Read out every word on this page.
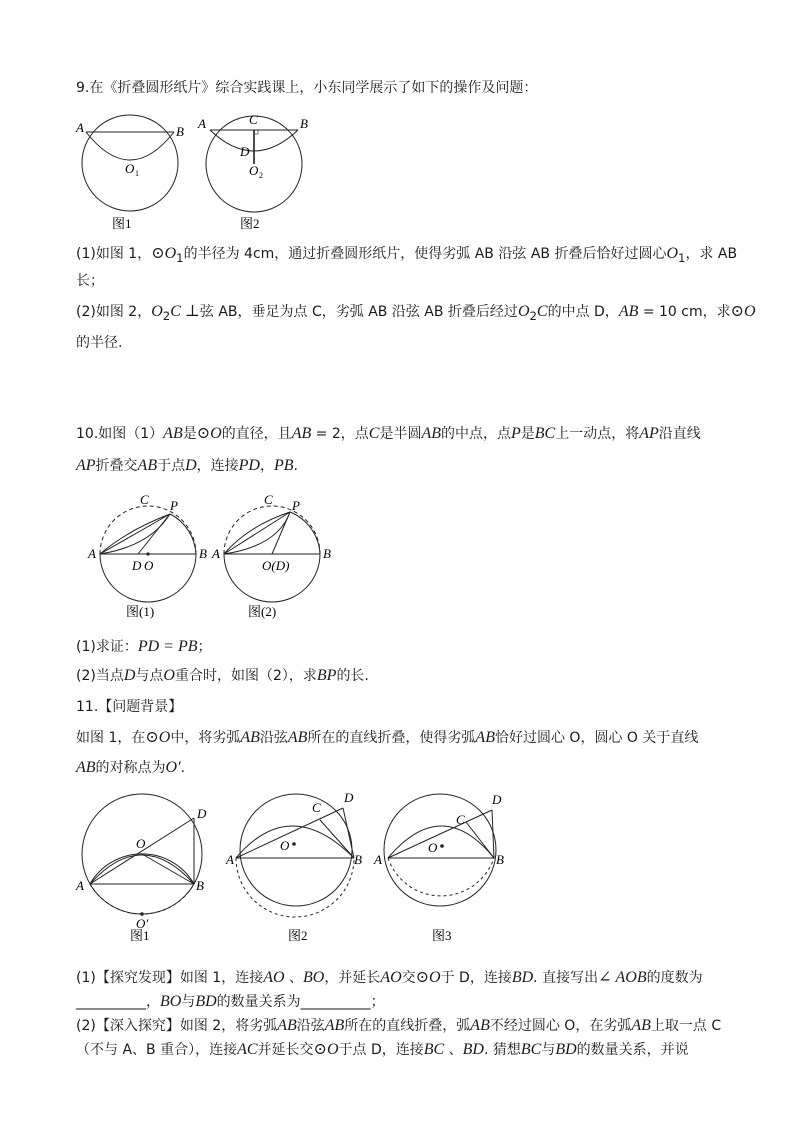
9.在《折叠圆形纸片》综合实践课上，小东同学展示了如下的操作及问题：
A	B
O 1
图1
A	B
C
D
O 2
图2
(1)如图 1，$⊙O_1$的半径为 4cm，通过折叠圆形纸片，使得劣弧 AB 沿弦 AB 折叠后恰好过圆心$O_1$，求 AB
长；
(2)如图 2，$O_2C$ ⊥弦 AB，垂足为点 C，劣弧 AB 沿弦 AB 折叠后经过$O_2C$的中点 D，AB = 10 cm，求⊙O
的半径.
10.如图（1）AB是⊙O的直径，且AB = 2，点C是半圆AB的中点，点P是BC上一动点，将AP沿直线
AP折叠交AB于点D，连接PD，PB.
A	B
C P
D O
图(1)
A	B
C P
O(D)
图(2)
(1)求证：PD = PB；
(2)当点D与点O重合时，如图（2），求BP的长.
11.【问题背景】
如图 1，在⊙O中，将劣弧AB沿弦AB所在的直线折叠，使得劣弧AB恰好过圆心 O，圆心 O 关于直线
AB的对称点为O′.
A	B
D
O
O′
图1
A	B
C
D
O
图2
A	B
C
D
O
图3
(1)【探究发现】如图 1，连接AO 、BO，并延长AO交⊙O于 D，连接BD. 直接写出∠ AOB的度数为
__________，BO与BD的数量关系为__________；
(2)【深入探究】如图 2，将劣弧AB沿弦AB所在的直线折叠，弧AB不经过圆心 O，在劣弧AB上取一点 C
（不与 A、B 重合），连接AC并延长交⊙O于点 D，连接BC 、BD. 猜想BC与BD的数量关系，并说
